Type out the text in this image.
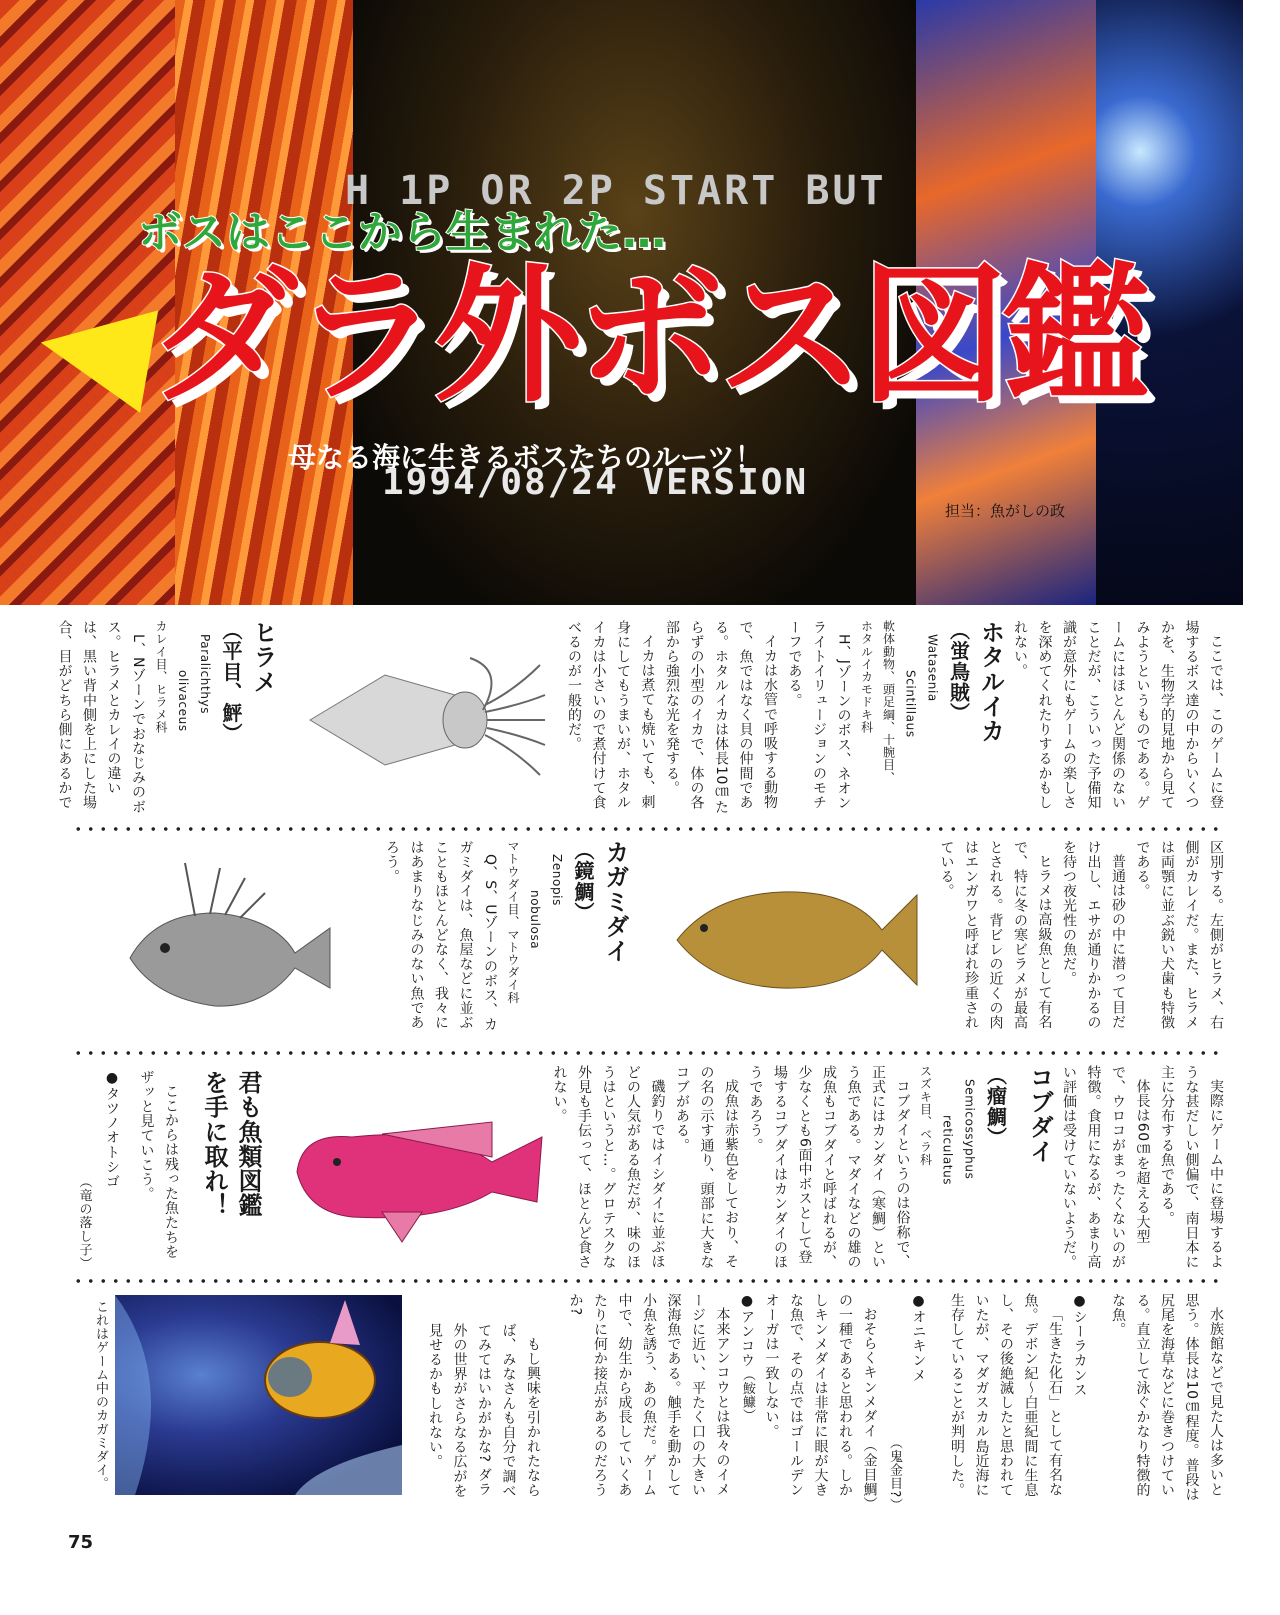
H 1P OR 2P START BUT
ボスはここから生まれた…
ダラ外ボス図鑑
母なる海に生きるボスたちのルーツ！
1994/08/24 VERSION
担当：魚がしの政

ここでは、このゲームに登場するボス達の中からいくつかを、生物学的見地から見てみようというものである。ゲームにはほとんど関係のないことだが、こういった予備知識が意外にもゲームの楽しさを深めてくれたりするかもしれない。

ホタルイカ

（蛍鳥賊）

Watasenia

Scintillaus

軟体動物、頭足綱、十腕目、

ホタルイカモドキ科

H、Jゾーンのボス、ネオンライトイリュージョンのモチーフである。

イカは水管で呼吸する動物で、魚ではなく貝の仲間である。ホタルイカは体長10㎝たらずの小型のイカで、体の各部から強烈な光を発する。

イカは煮ても焼いても、刺身にしてもうまいが、ホタルイカは小さいので煮付けて食べるのが一般的だ。

ヒラメ

（平目、鮃）

Paralichthys

olivaceus

カレイ目、ヒラメ科

L、Nゾーンでおなじみのボス。ヒラメとカレイの違いは、黒い背中側を上にした場合、目がどちら側にあるかで

区別する。左側がヒラメ、右側がカレイだ。また、ヒラメは両顎に並ぶ鋭い犬歯も特徴である。

普通は砂の中に潜って目だけ出し、エサが通りかかるのを待つ夜光性の魚だ。

ヒラメは高級魚として有名で、特に冬の寒ビラメが最高とされる。背ビレの近くの肉はエンガワと呼ばれ珍重されている。

カガミダイ

（鏡鯛）

Zenopis

nobulosa

マトウダイ目、マトウダイ科

Q、S、Uゾーンのボス、カガミダイは、魚屋などに並ぶこともほとんどなく、我々にはあまりなじみのない魚であろう。

実際にゲーム中に登場するような甚だしい側偏で、南日本に主に分布する魚である。

体長は60㎝を超える大型で、ウロコがまったくないのが特徴。食用になるが、あまり高い評価は受けていないようだ。

コブダイ

（瘤鯛）

Semicossyphus

reticulatus

スズキ目、ベラ科

コブダイというのは俗称で、正式にはカンダイ（寒鯛）という魚である。マダイなどの雄の成魚もコブダイと呼ばれるが、少なくとも6面中ボスとして登場するコブダイはカンダイのほうであろう。

成魚は赤紫色をしており、その名の示す通り、頭部に大きなコブがある。

磯釣りではイシダイに並ぶほどの人気がある魚だが、味のほうはというと…。グロテスクな外見も手伝って、ほとんど食されない。

君も魚類図鑑

を手に取れ！

ここからは残った魚たちをザッと見ていこう。

●タツノオトシゴ

（竜の落し子）

水族館などで見た人は多いと思う。体長は10㎝程度。普段は尻尾を海草などに巻きつけている。直立して泳ぐかなり特徴的な魚。

●シーラカンス

「生きた化石」として有名な魚。デボン紀〜白亜紀間に生息し、その後絶滅したと思われていたが、マダガスカル島近海に生存していることが判明した。

●オニキンメ

（鬼金目?）

おそらくキンメダイ（金目鯛）の一種であると思われる。しかしキンメダイは非常に眼が大きな魚で、その点ではゴールデンオーガは一致しない。

●アンコウ（鮟鱇）

本来アンコウとは我々のイメージに近い、平たく口の大きい深海魚である。触手を動かして小魚を誘う、あの魚だ。ゲーム中で、幼生から成長していくあたりに何か接点があるのだろうか?

もし興味を引かれたならば、みなさんも自分で調べてみてはいかがかな? ダラ外の世界がさらなる広がを見せるかもしれない。

これはゲーム中のカガミダイ。
75
